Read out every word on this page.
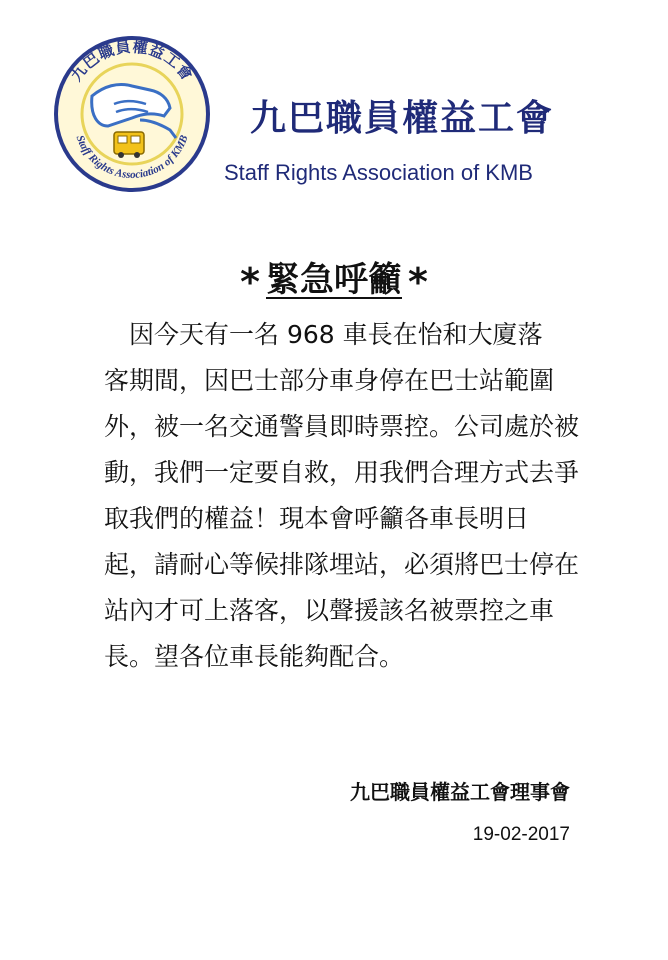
九巴職員權益工會
Staff Rights Association of KMB
九巴職員權益工會
Staff Rights Association of KMB
* 緊急呼籲 *
　因今天有一名 968 車長在怡和大廈落
客期間，因巴士部分車身停在巴士站範圍
外，被一名交通警員即時票控。公司處於被
動，我們一定要自救，用我們合理方式去爭
取我們的權益！現本會呼籲各車長明日
起，請耐心等候排隊埋站，必須將巴士停在
站內才可上落客，以聲援該名被票控之車
長。望各位車長能夠配合。
九巴職員權益工會理事會
19-02-2017
